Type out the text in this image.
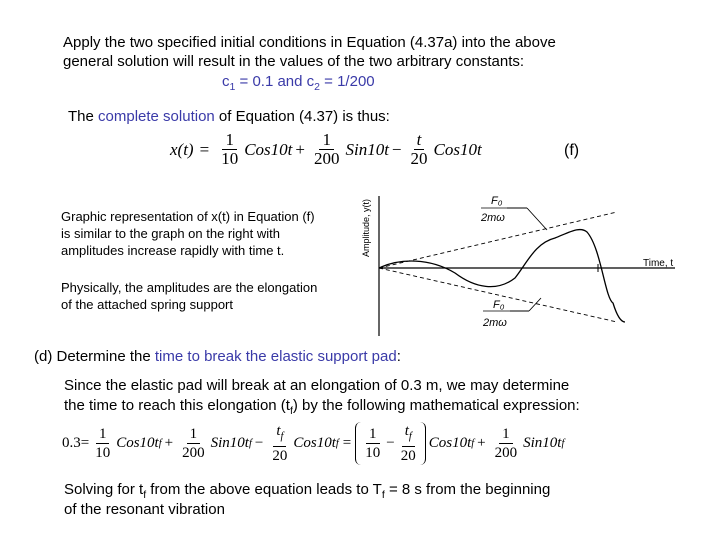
Apply the two specified initial conditions in Equation (4.37a) into the above
general solution will result in the values of the two arbitrary constants:
$c_1 = 0.1$ and $c_2 = 1/200$
The complete solution of Equation (4.37) is thus:
$x(t) = \frac{1}{10} Cos10t + \frac{1}{200} Sin10t - \frac{t}{20} Cos10t$	(f)
Graphic representation of x(t) in Equation (f)
is similar to the graph on the right with
amplitudes increase rapidly with time t.
Physically, the amplitudes are the elongation
of the attached spring support
Amplitude, y(t)
Time, t
F₀
2mω
F₀
2mω
(d) Determine the time to break the elastic support pad:
Since the elastic pad will break at an elongation of 0.3 m, we may determine
the time to reach this elongation $(t_f)$ by the following mathematical expression:
$0.3 = \frac{1}{10} Cos10t$ $f + \frac{1}{200} Sin10t$ $f - \frac{t_f}{20} Cos10t$ $f = \frac{1}{10} - \frac{t_f}{20} Cos10t$ $f + \frac{1}{200} Sin10t$ f
Solving for $t_f$ from the above equation leads to $T_f = 8$ s from the beginning
of the resonant vibration
